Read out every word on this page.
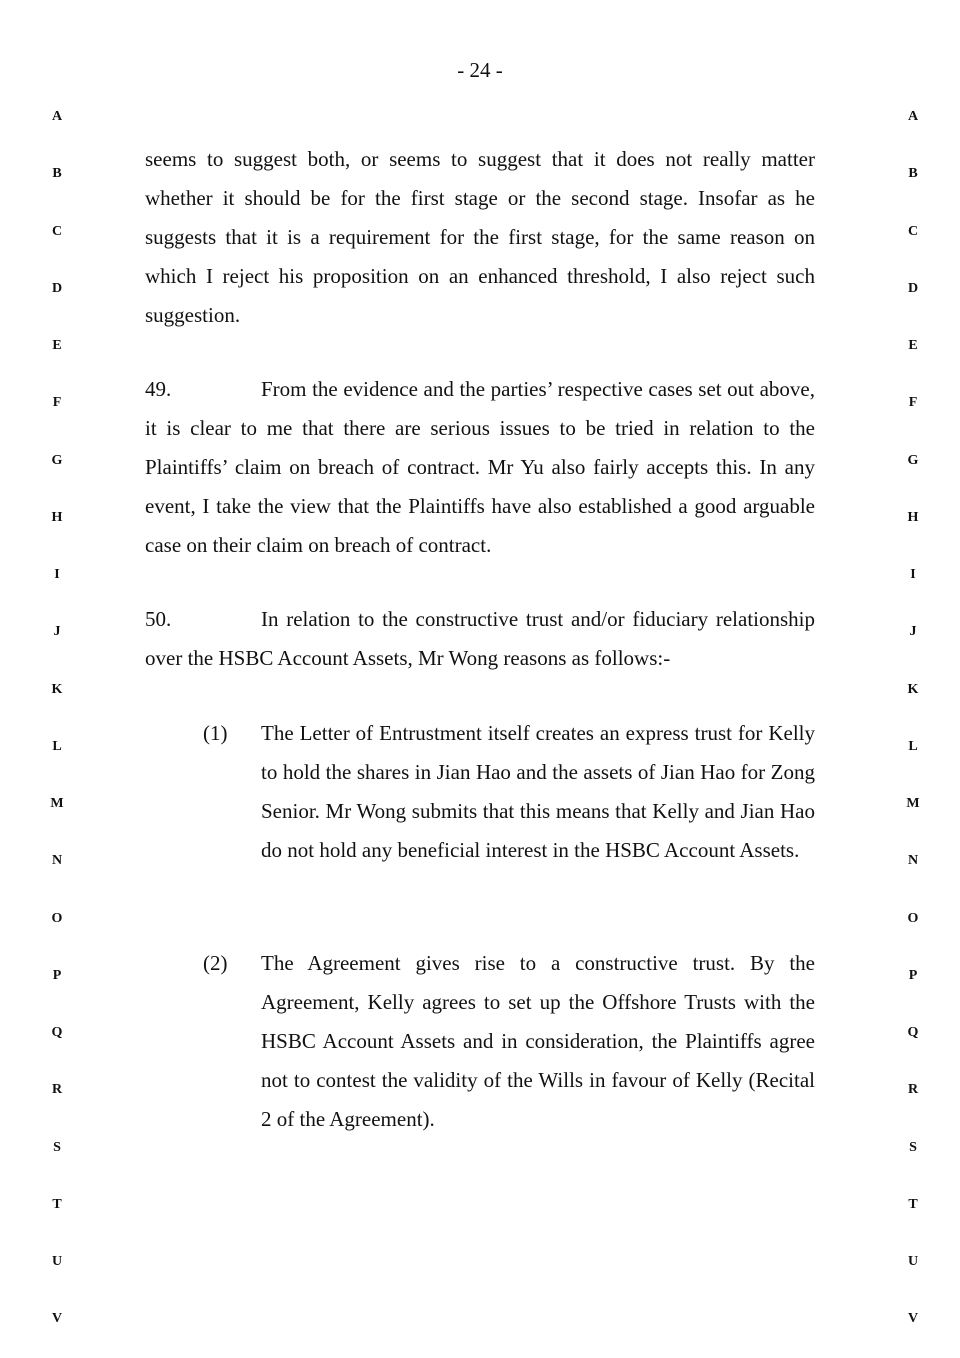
- 24 -
A
B
C
D
E
F
G
H
I
J
K
L
M
N
O
P
Q
R
S
T
U
V
A
B
C
D
E
F
G
H
I
J
K
L
M
N
O
P
Q
R
S
T
U
V
seems to suggest both, or seems to suggest that it does not really matter whether it should be for the first stage or the second stage. Insofar as he suggests that it is a requirement for the first stage, for the same reason on which I reject his proposition on an enhanced threshold, I also reject such suggestion.
49.	From the evidence and the parties’ respective cases set out above, it is clear to me that there are serious issues to be tried in relation to the Plaintiffs’ claim on breach of contract. Mr Yu also fairly accepts this. In any event, I take the view that the Plaintiffs have also established a good arguable case on their claim on breach of contract.
50.	In relation to the constructive trust and/or fiduciary relationship over the HSBC Account Assets, Mr Wong reasons as follows:-
(1) The Letter of Entrustment itself creates an express trust for Kelly to hold the shares in Jian Hao and the assets of Jian Hao for Zong Senior. Mr Wong submits that this means that Kelly and Jian Hao do not hold any beneficial interest in the HSBC Account Assets.
(2) The Agreement gives rise to a constructive trust. By the Agreement, Kelly agrees to set up the Offshore Trusts with the HSBC Account Assets and in consideration, the Plaintiffs agree not to contest the validity of the Wills in favour of Kelly (Recital 2 of the Agreement).
